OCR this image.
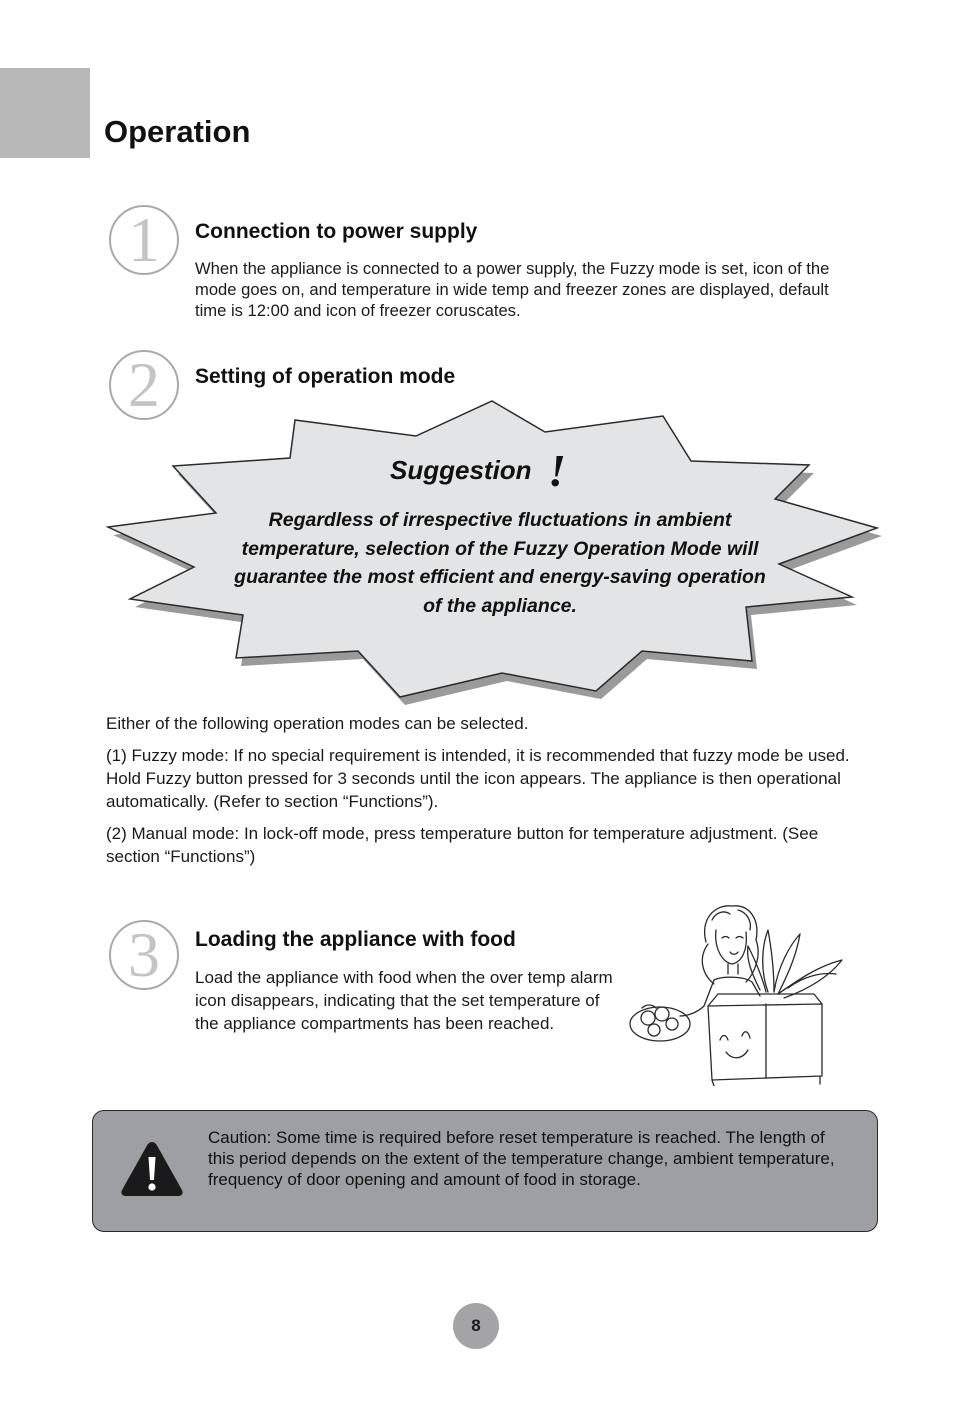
Operation
1	Connection to power supply

When the appliance is connected to a power supply, the Fuzzy mode is set, icon of the mode goes on, and temperature in wide temp and freezer zones are displayed, default time is 12:00 and icon of freezer coruscates.

2	Setting of operation mode
Suggestion !

Regardless of irrespective fluctuations in ambient temperature, selection of the Fuzzy Operation Mode will guarantee the most efficient and energy-saving operation of the appliance.

Either of the following operation modes can be selected.

(1) Fuzzy mode: If no special requirement is intended, it is recommended that fuzzy mode be used. Hold Fuzzy button pressed for 3 seconds until the icon appears. The appliance is then operational automatically. (Refer to section “Functions”).

(2) Manual mode: In lock-off mode, press temperature button for temperature adjustment. (See section “Functions”)

3	Loading the appliance with food

Load the appliance with food when the over temp alarm icon disappears, indicating that the set temperature of the appliance compartments has been reached.

Caution: Some time is required before reset temperature is reached. The length of this period depends on the extent of the temperature change, ambient temperature, frequency of door opening and amount of food in storage.

8
